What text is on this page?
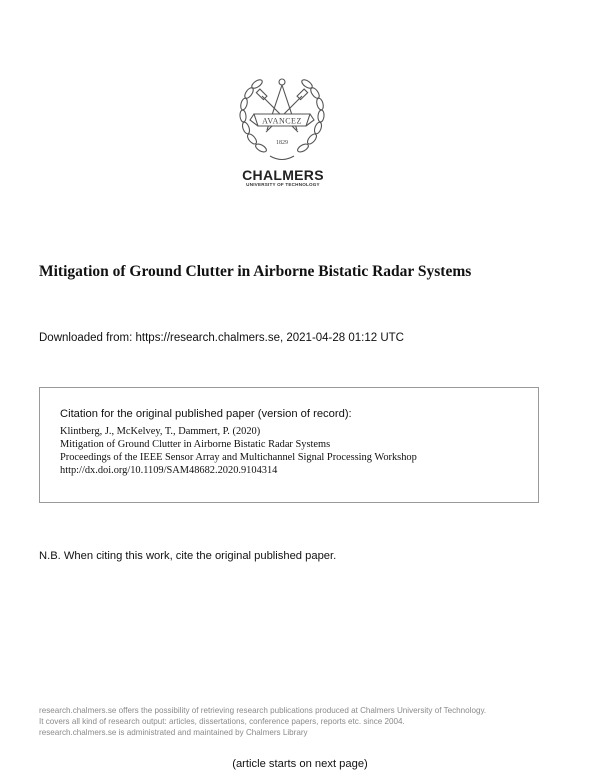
AVANCEZ
1829
CHALMERS
UNIVERSITY OF TECHNOLOGY
Mitigation of Ground Clutter in Airborne Bistatic Radar Systems
Downloaded from: https://research.chalmers.se, 2021-04-28 01:12 UTC
Citation for the original published paper (version of record):
Klintberg, J., McKelvey, T., Dammert, P. (2020)
Mitigation of Ground Clutter in Airborne Bistatic Radar Systems
Proceedings of the IEEE Sensor Array and Multichannel Signal Processing Workshop
http://dx.doi.org/10.1109/SAM48682.2020.9104314
N.B. When citing this work, cite the original published paper.
research.chalmers.se offers the possibility of retrieving research publications produced at Chalmers University of Technology.
It covers all kind of research output: articles, dissertations, conference papers, reports etc. since 2004.
research.chalmers.se is administrated and maintained by Chalmers Library
(article starts on next page)
